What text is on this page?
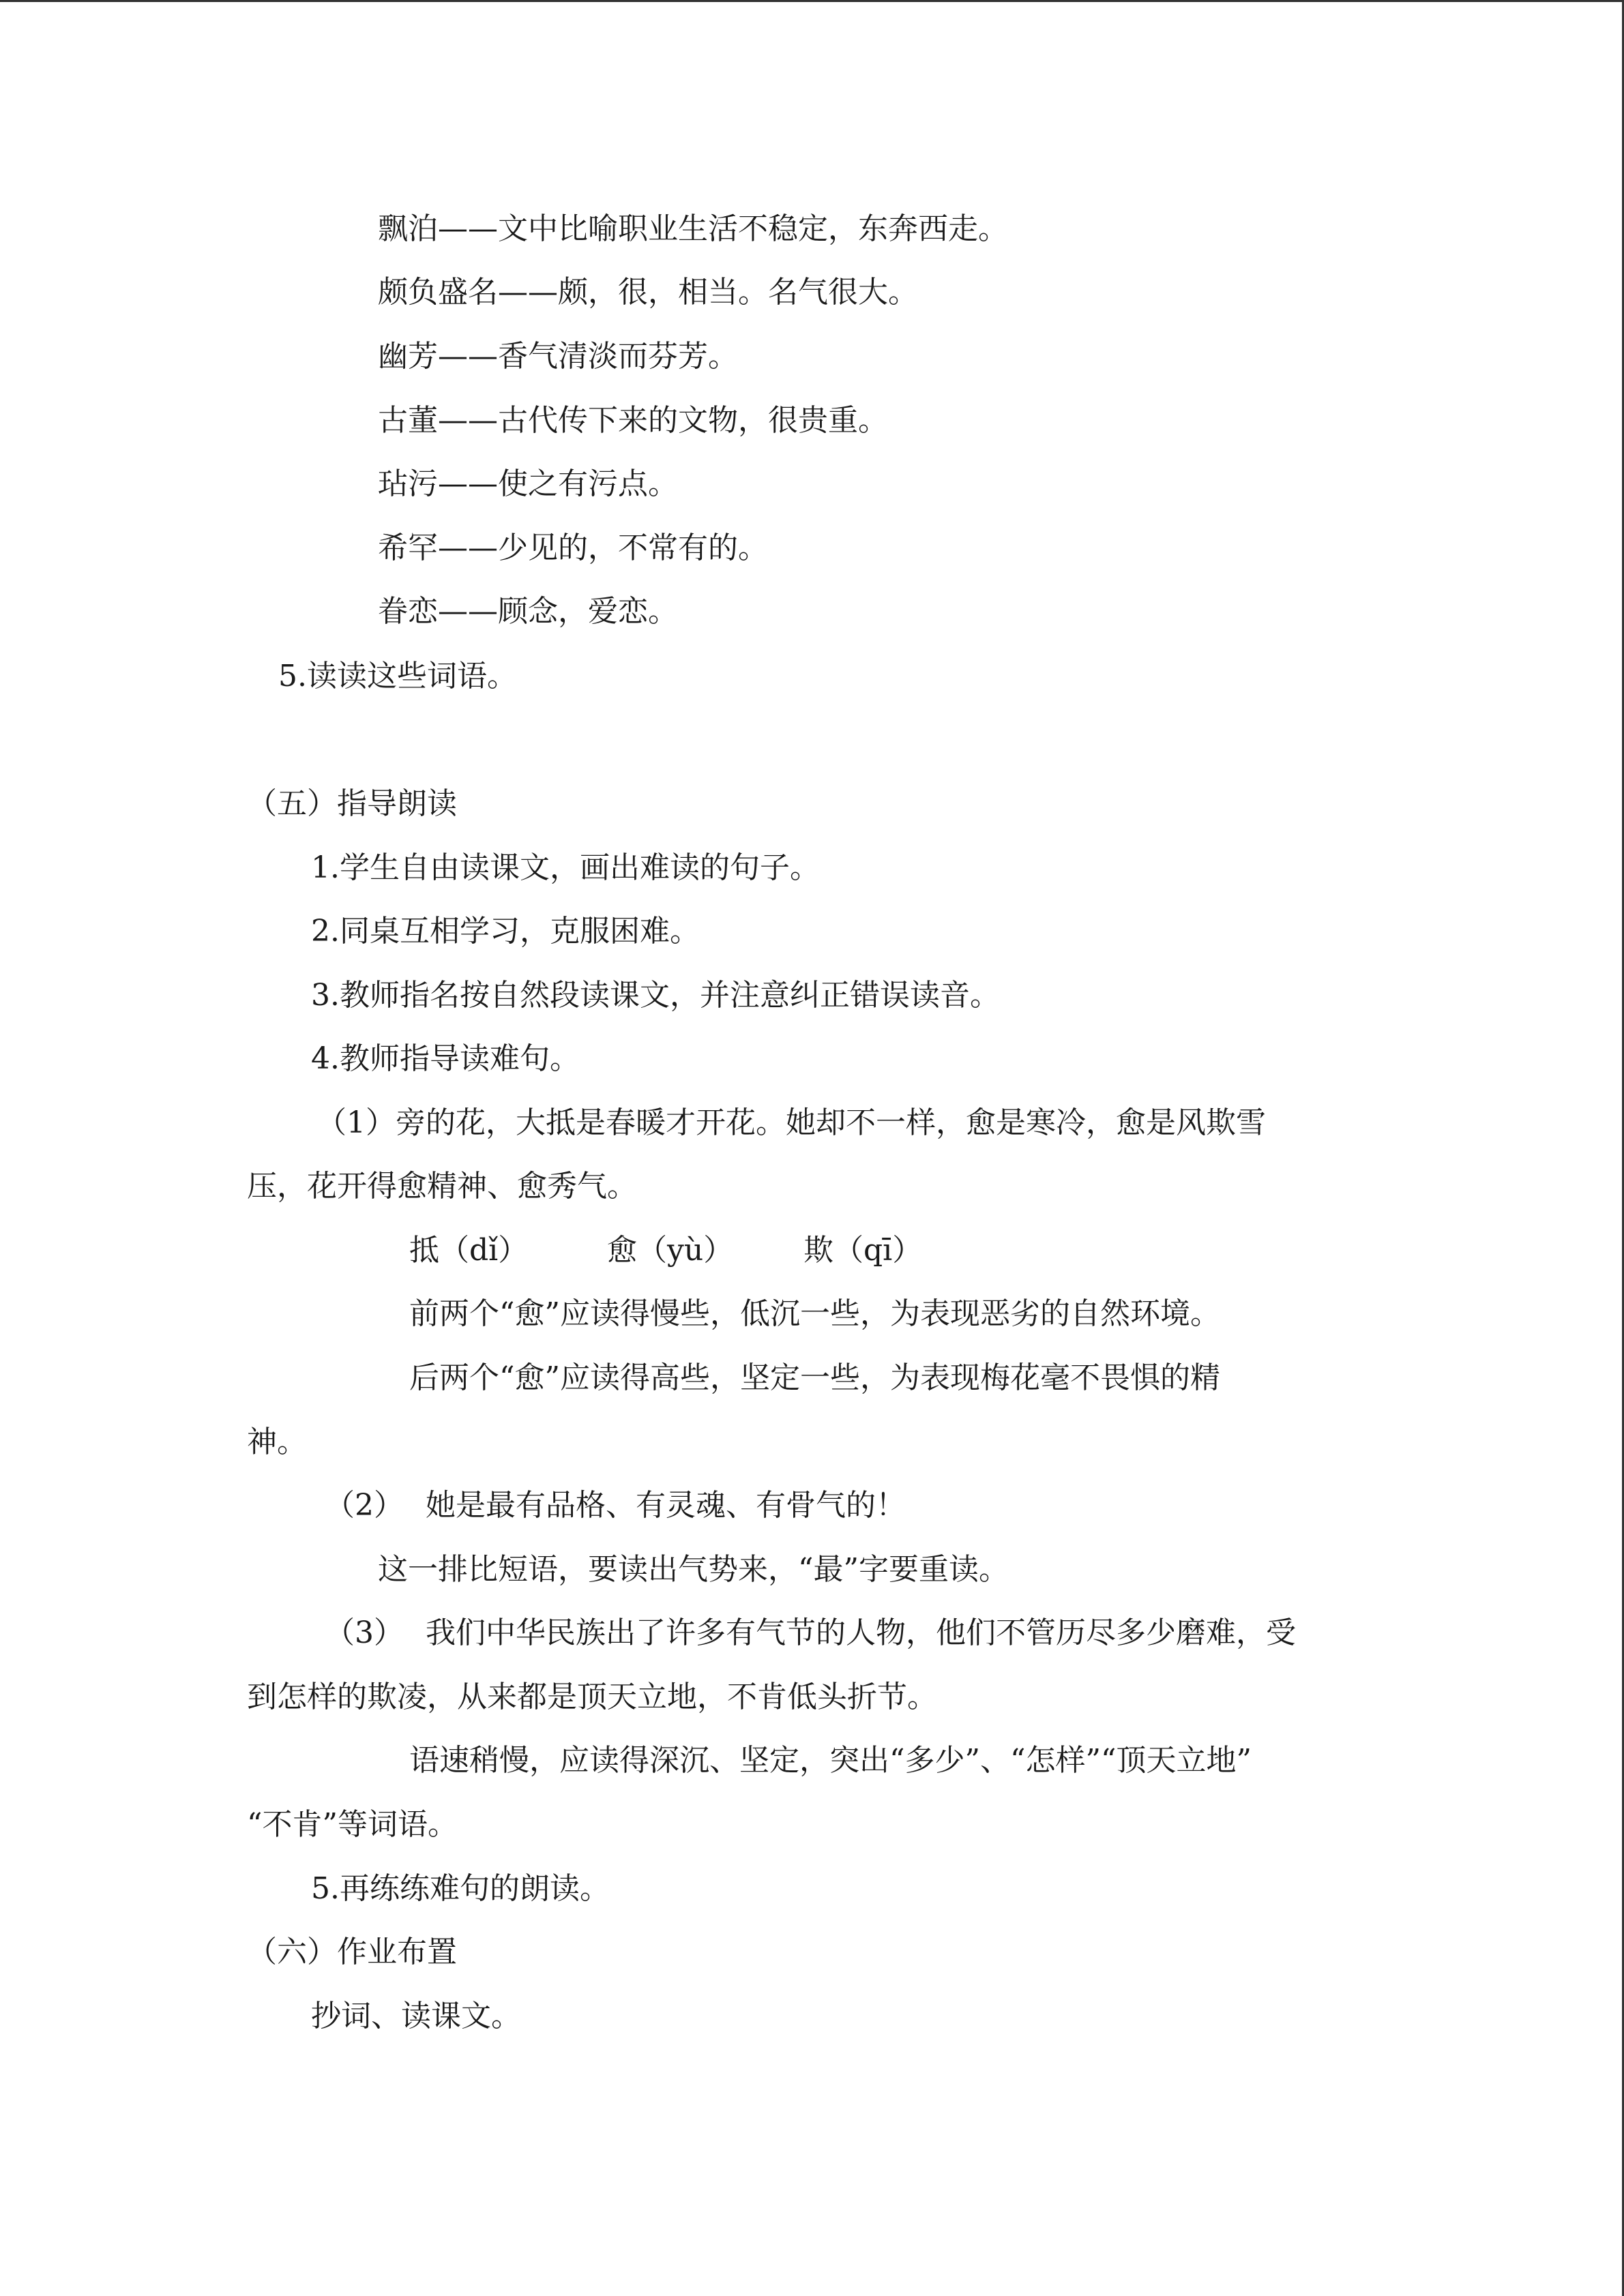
飘泊——文中比喻职业生活不稳定，东奔西走。
颇负盛名——颇，很，相当。名气很大。
幽芳——香气清淡而芬芳。
古董——古代传下来的文物，很贵重。
玷污——使之有污点。
希罕——少见的，不常有的。
眷恋——顾念，爱恋。
5.读读这些词语。
（五）指导朗读
1.学生自由读课文，画出难读的句子。
2.同桌互相学习，克服困难。
3.教师指名按自然段读课文，并注意纠正错误读音。
4.教师指导读难句。
（1）旁的花，大抵是春暖才开花。她却不一样，愈是寒冷，愈是风欺雪
压，花开得愈精神、愈秀气。
抵（dǐ）	愈（yù） 欺（qī）
前两个“愈”应读得慢些，低沉一些，为表现恶劣的自然环境。
后两个“愈”应读得高些，坚定一些，为表现梅花毫不畏惧的精
神。
（2） 她是最有品格、有灵魂、有骨气的！
这一排比短语，要读出气势来，“最”字要重读。
（3） 我们中华民族出了许多有气节的人物，他们不管历尽多少磨难，受
到怎样的欺凌，从来都是顶天立地，不肯低头折节。
语速稍慢，应读得深沉、坚定，突出“多少”、“怎样”“顶天立地”
“不肯”等词语。
5.再练练难句的朗读。
（六）作业布置
抄词、读课文。
